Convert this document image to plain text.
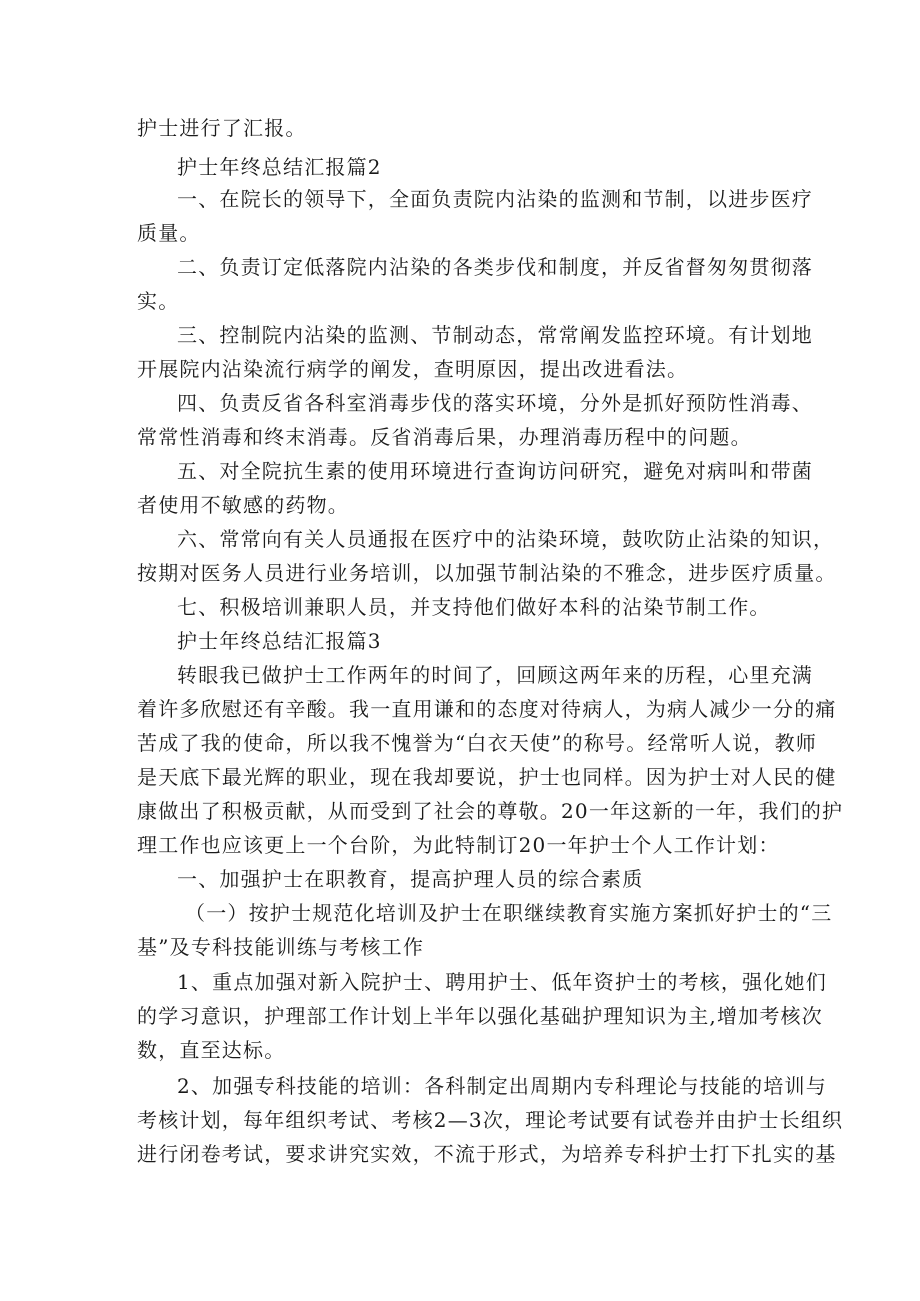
护士进行了汇报。
护士年终总结汇报篇2
一、在院长的领导下，全面负责院内沾染的监测和节制，以进步医疗
质量。
二、负责订定低落院内沾染的各类步伐和制度，并反省督匆匆贯彻落
实。
三、控制院内沾染的监测、节制动态，常常阐发监控环境。有计划地
开展院内沾染流行病学的阐发，查明原因，提出改进看法。
四、负责反省各科室消毒步伐的落实环境，分外是抓好预防性消毒、
常常性消毒和终末消毒。反省消毒后果，办理消毒历程中的问题。
五、对全院抗生素的使用环境进行查询访问研究，避免对病叫和带菌
者使用不敏感的药物。
六、常常向有关人员通报在医疗中的沾染环境，鼓吹防止沾染的知识，
按期对医务人员进行业务培训，以加强节制沾染的不雅念，进步医疗质量。
七、积极培训兼职人员，并支持他们做好本科的沾染节制工作。
护士年终总结汇报篇3
转眼我已做护士工作两年的时间了，回顾这两年来的历程，心里充满
着许多欣慰还有辛酸。我一直用谦和的态度对待病人，为病人减少一分的痛
苦成了我的使命，所以我不愧誉为“白衣天使”的称号。经常听人说，教师
是天底下最光辉的职业，现在我却要说，护士也同样。因为护士对人民的健
康做出了积极贡献，从而受到了社会的尊敬。20一年这新的一年，我们的护
理工作也应该更上一个台阶，为此特制订20一年护士个人工作计划：
一、加强护士在职教育，提高护理人员的综合素质
（一）按护士规范化培训及护士在职继续教育实施方案抓好护士的“三
基”及专科技能训练与考核工作
1、重点加强对新入院护士、聘用护士、低年资护士的考核，强化她们
的学习意识，护理部工作计划上半年以强化基础护理知识为主,增加考核次
数，直至达标。
2、加强专科技能的培训：各科制定出周期内专科理论与技能的培训与
考核计划，每年组织考试、考核2—3次，理论考试要有试卷并由护士长组织
进行闭卷考试，要求讲究实效，不流于形式，为培养专科护士打下扎实的基
